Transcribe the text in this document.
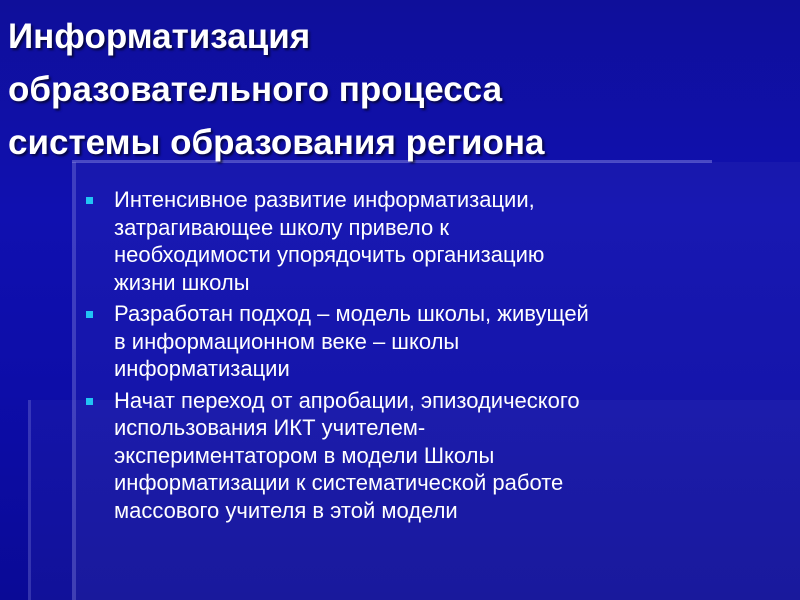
Информатизация
образовательного процесса
системы образования региона
Интенсивное развитие информатизации,
затрагивающее школу привело к
необходимости упорядочить организацию
жизни школы
Разработан подход – модель школы, живущей
в информационном веке – школы
информатизации
Начат переход от апробации, эпизодического
использования ИКТ учителем-
экспериментатором в модели Школы
информатизации к систематической работе
массового учителя в этой модели
